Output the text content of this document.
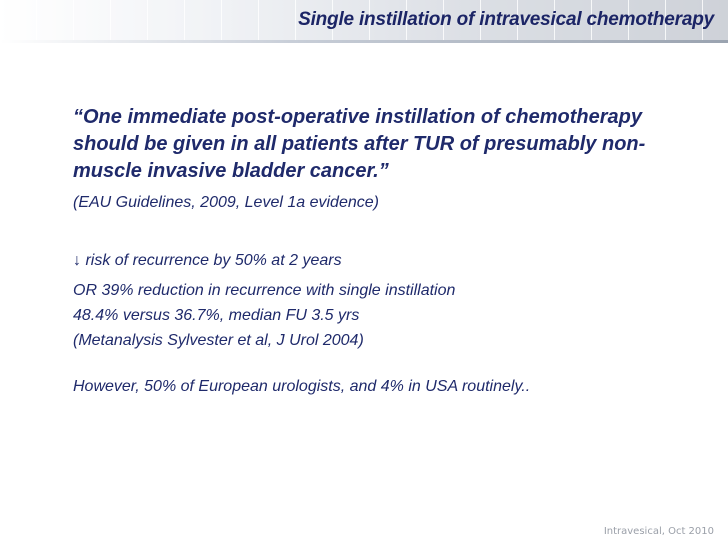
Single instillation of intravesical chemotherapy

“One immediate post-operative instillation of chemotherapy should be given in all patients after TUR of presumably non-muscle invasive bladder cancer.”

(EAU Guidelines, 2009, Level 1a evidence)

↓ risk of recurrence by 50% at 2 years

OR 39% reduction in recurrence with single instillation

48.4% versus 36.7%, median FU 3.5 yrs

(Metanalysis Sylvester et al, J Urol 2004)

However, 50% of European urologists, and 4% in USA routinely..

Intravesical, Oct 2010
